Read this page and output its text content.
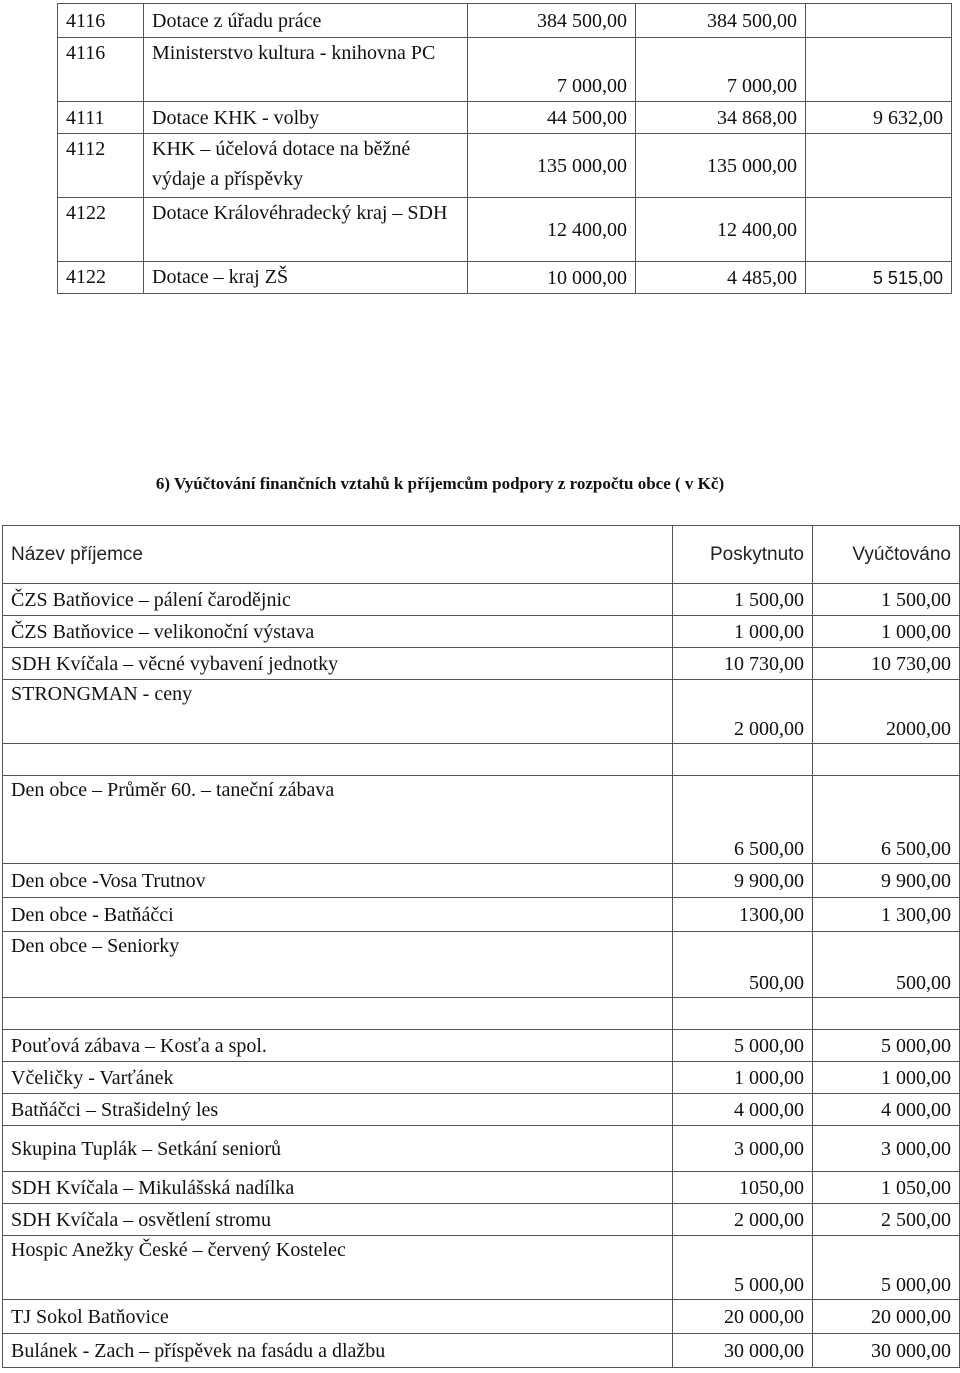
4116	Dotace z úřadu práce	384 500,00	384 500,00	
4116	Ministerstvo kultura - knihovna PC	7 000,00	7 000,00	
4111	Dotace KHK - volby	44 500,00	34 868,00	9 632,00
4112	KHK – účelová dotace na běžné výdaje a příspěvky	135 000,00	135 000,00	
4122	Dotace Královéhradecký kraj – SDH	12 400,00	12 400,00	
4122	Dotace – kraj ZŠ	10 000,00	4 485,00	5 515,00
6) Vyúčtování finančních vztahů k příjemcům podpory z rozpočtu obce ( v Kč)
Název příjemce	Poskytnuto	Vyúčtováno
ČZS Batňovice – pálení čarodějnic	1 500,00	1 500,00
ČZS Batňovice – velikonoční výstava	1 000,00	1 000,00
SDH Kvíčala – věcné vybavení jednotky	10 730,00	10 730,00
STRONGMAN - ceny	2 000,00	2000,00

Den obce – Průměr 60. – taneční zábava	6 500,00	6 500,00
Den obce -Vosa Trutnov	9 900,00	9 900,00
Den obce - Batňáčci	1300,00	1 300,00
Den obce – Seniorky	500,00	500,00

Pouťová zábava – Kosťa a spol.	5 000,00	5 000,00
Včeličky - Varťánek	1 000,00	1 000,00
Batňáčci – Strašidelný les	4 000,00	4 000,00
Skupina Tuplák – Setkání seniorů	3 000,00	3 000,00
SDH Kvíčala – Mikulášská nadílka	1050,00	1 050,00
SDH Kvíčala – osvětlení stromu	2 000,00	2 500,00
Hospic Anežky České – červený Kostelec	5 000,00	5 000,00
TJ Sokol Batňovice	20 000,00	20 000,00
Bulánek - Zach – příspěvek na fasádu a dlažbu	30 000,00	30 000,00
